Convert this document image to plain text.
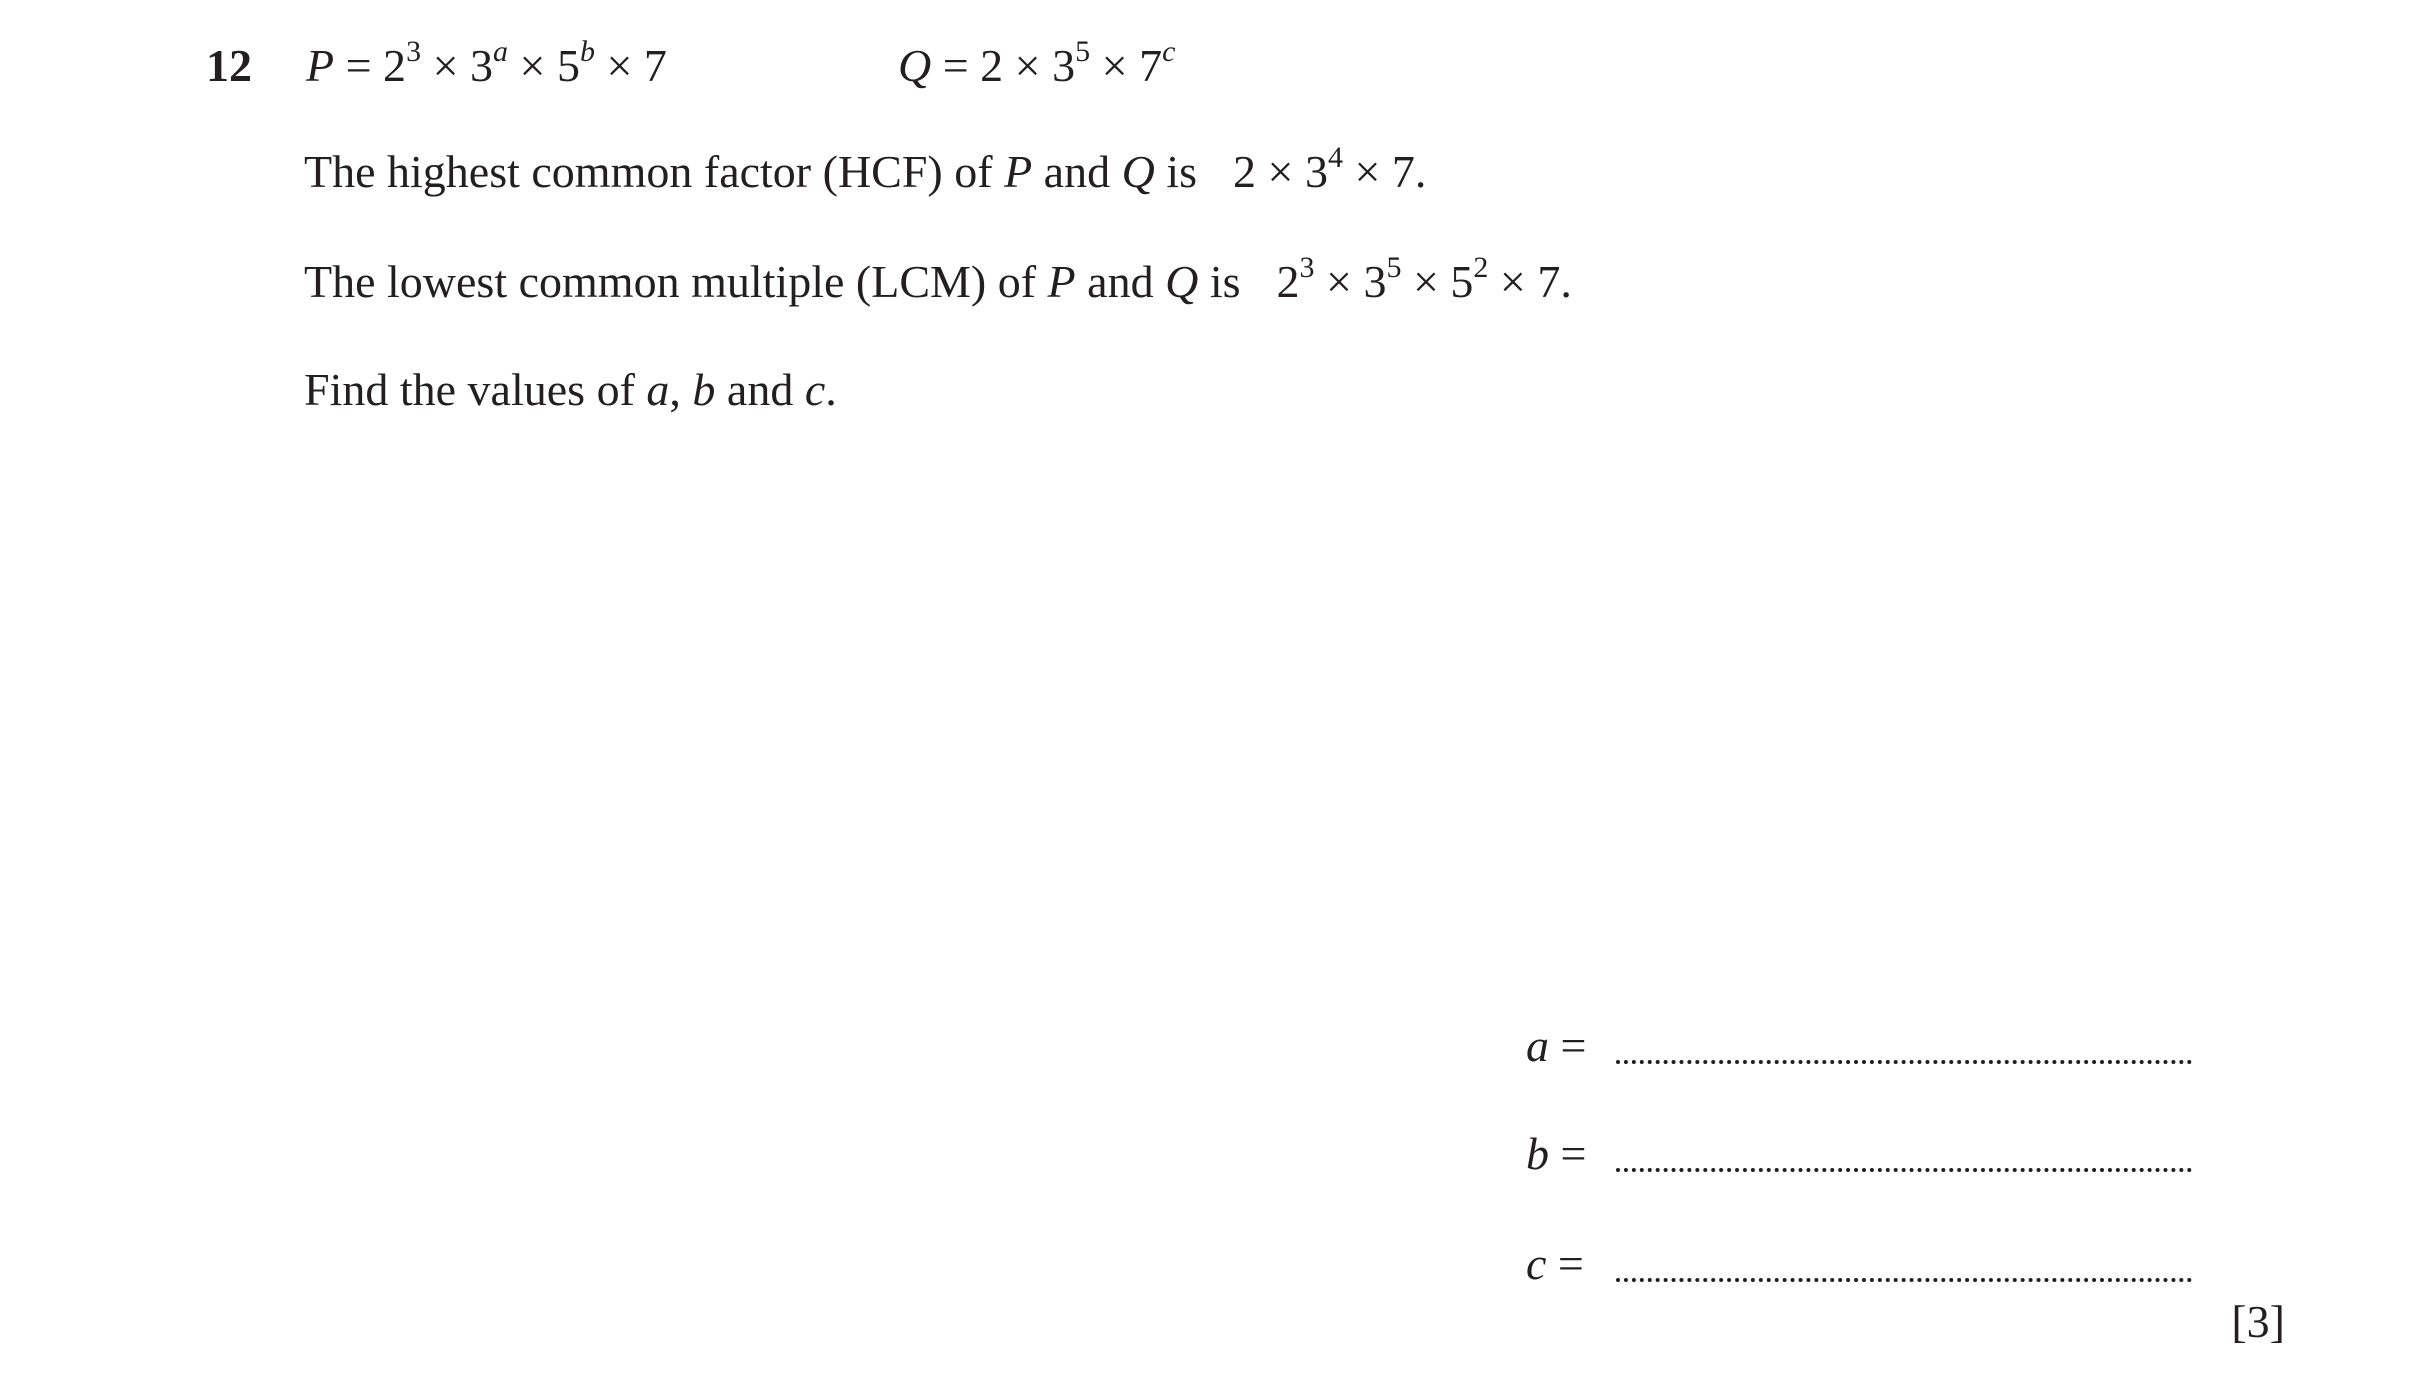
12 $P = 2^3 \times 3^a \times 5^b \times 7$	$Q = 2 \times 3^5 \times 7^c$
The highest common factor (HCF) of P and Q is $2 \times 3^4 \times 7$.
The lowest common multiple (LCM) of P and Q is $2^3 \times 3^5 \times 5^2 \times 7$.
Find the values of a, b and c.
a =
b =
c =
[3]
